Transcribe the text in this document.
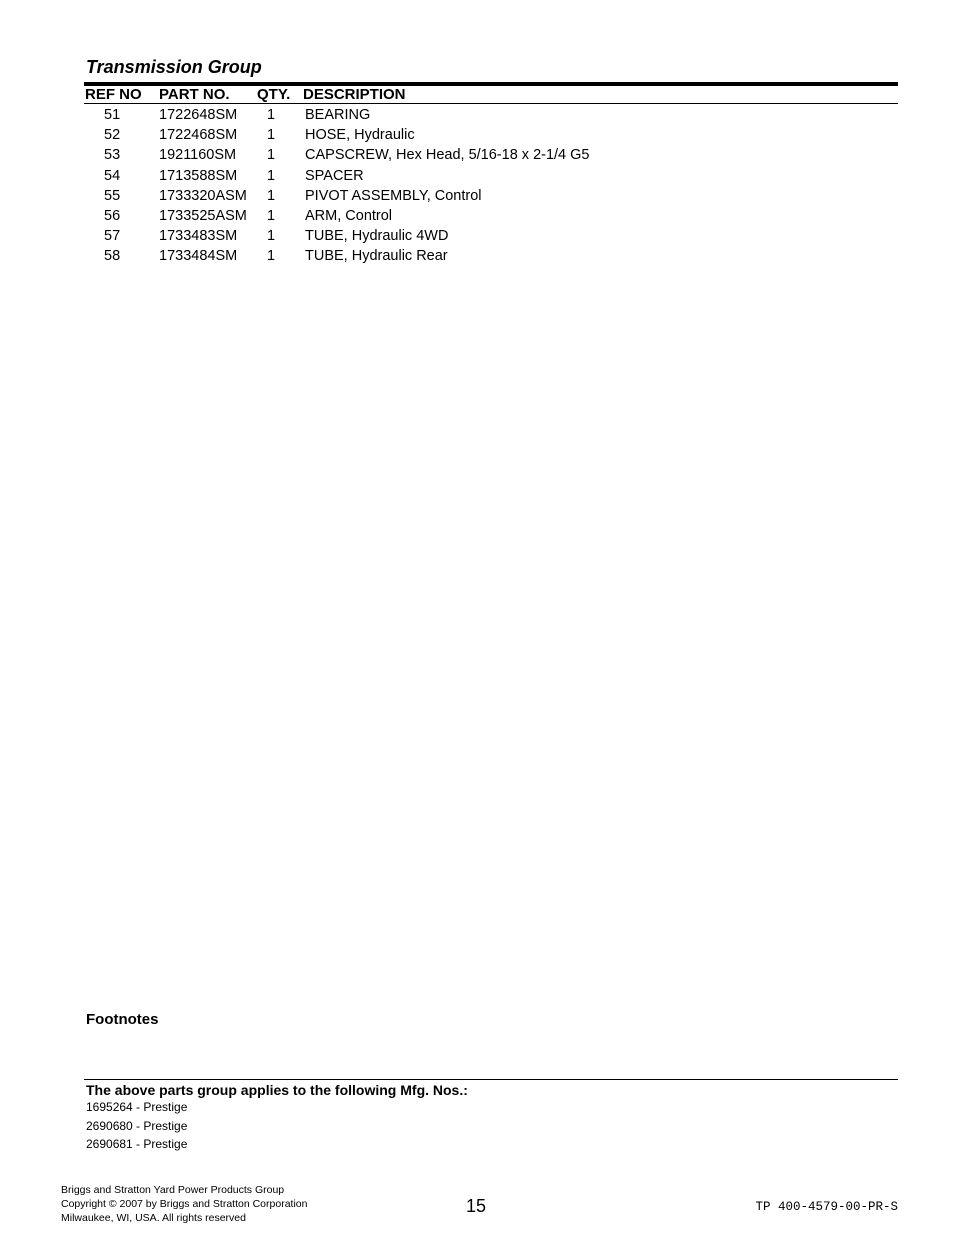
Transmission Group
REF NO PART NO. QTY. DESCRIPTION
51	1722648SM 1 BEARING
52	1722468SM 1 HOSE, Hydraulic
53	1921160SM 1 CAPSCREW, Hex Head, 5/16-18 x 2-1/4 G5
54	1713588SM 1 SPACER
55	1733320ASM 1 PIVOT ASSEMBLY, Control
56	1733525ASM 1 ARM, Control
57	1733483SM 1 TUBE, Hydraulic 4WD
58	1733484SM 1 TUBE, Hydraulic Rear
Footnotes
The above parts group applies to the following Mfg. Nos.:
1695264 - Prestige
2690680 - Prestige
2690681 - Prestige
Briggs and Stratton Yard Power Products Group
Copyright © 2007 by Briggs and Stratton Corporation
Milwaukee, WI, USA. All rights reserved
15	TP 400-4579-00-PR-S
